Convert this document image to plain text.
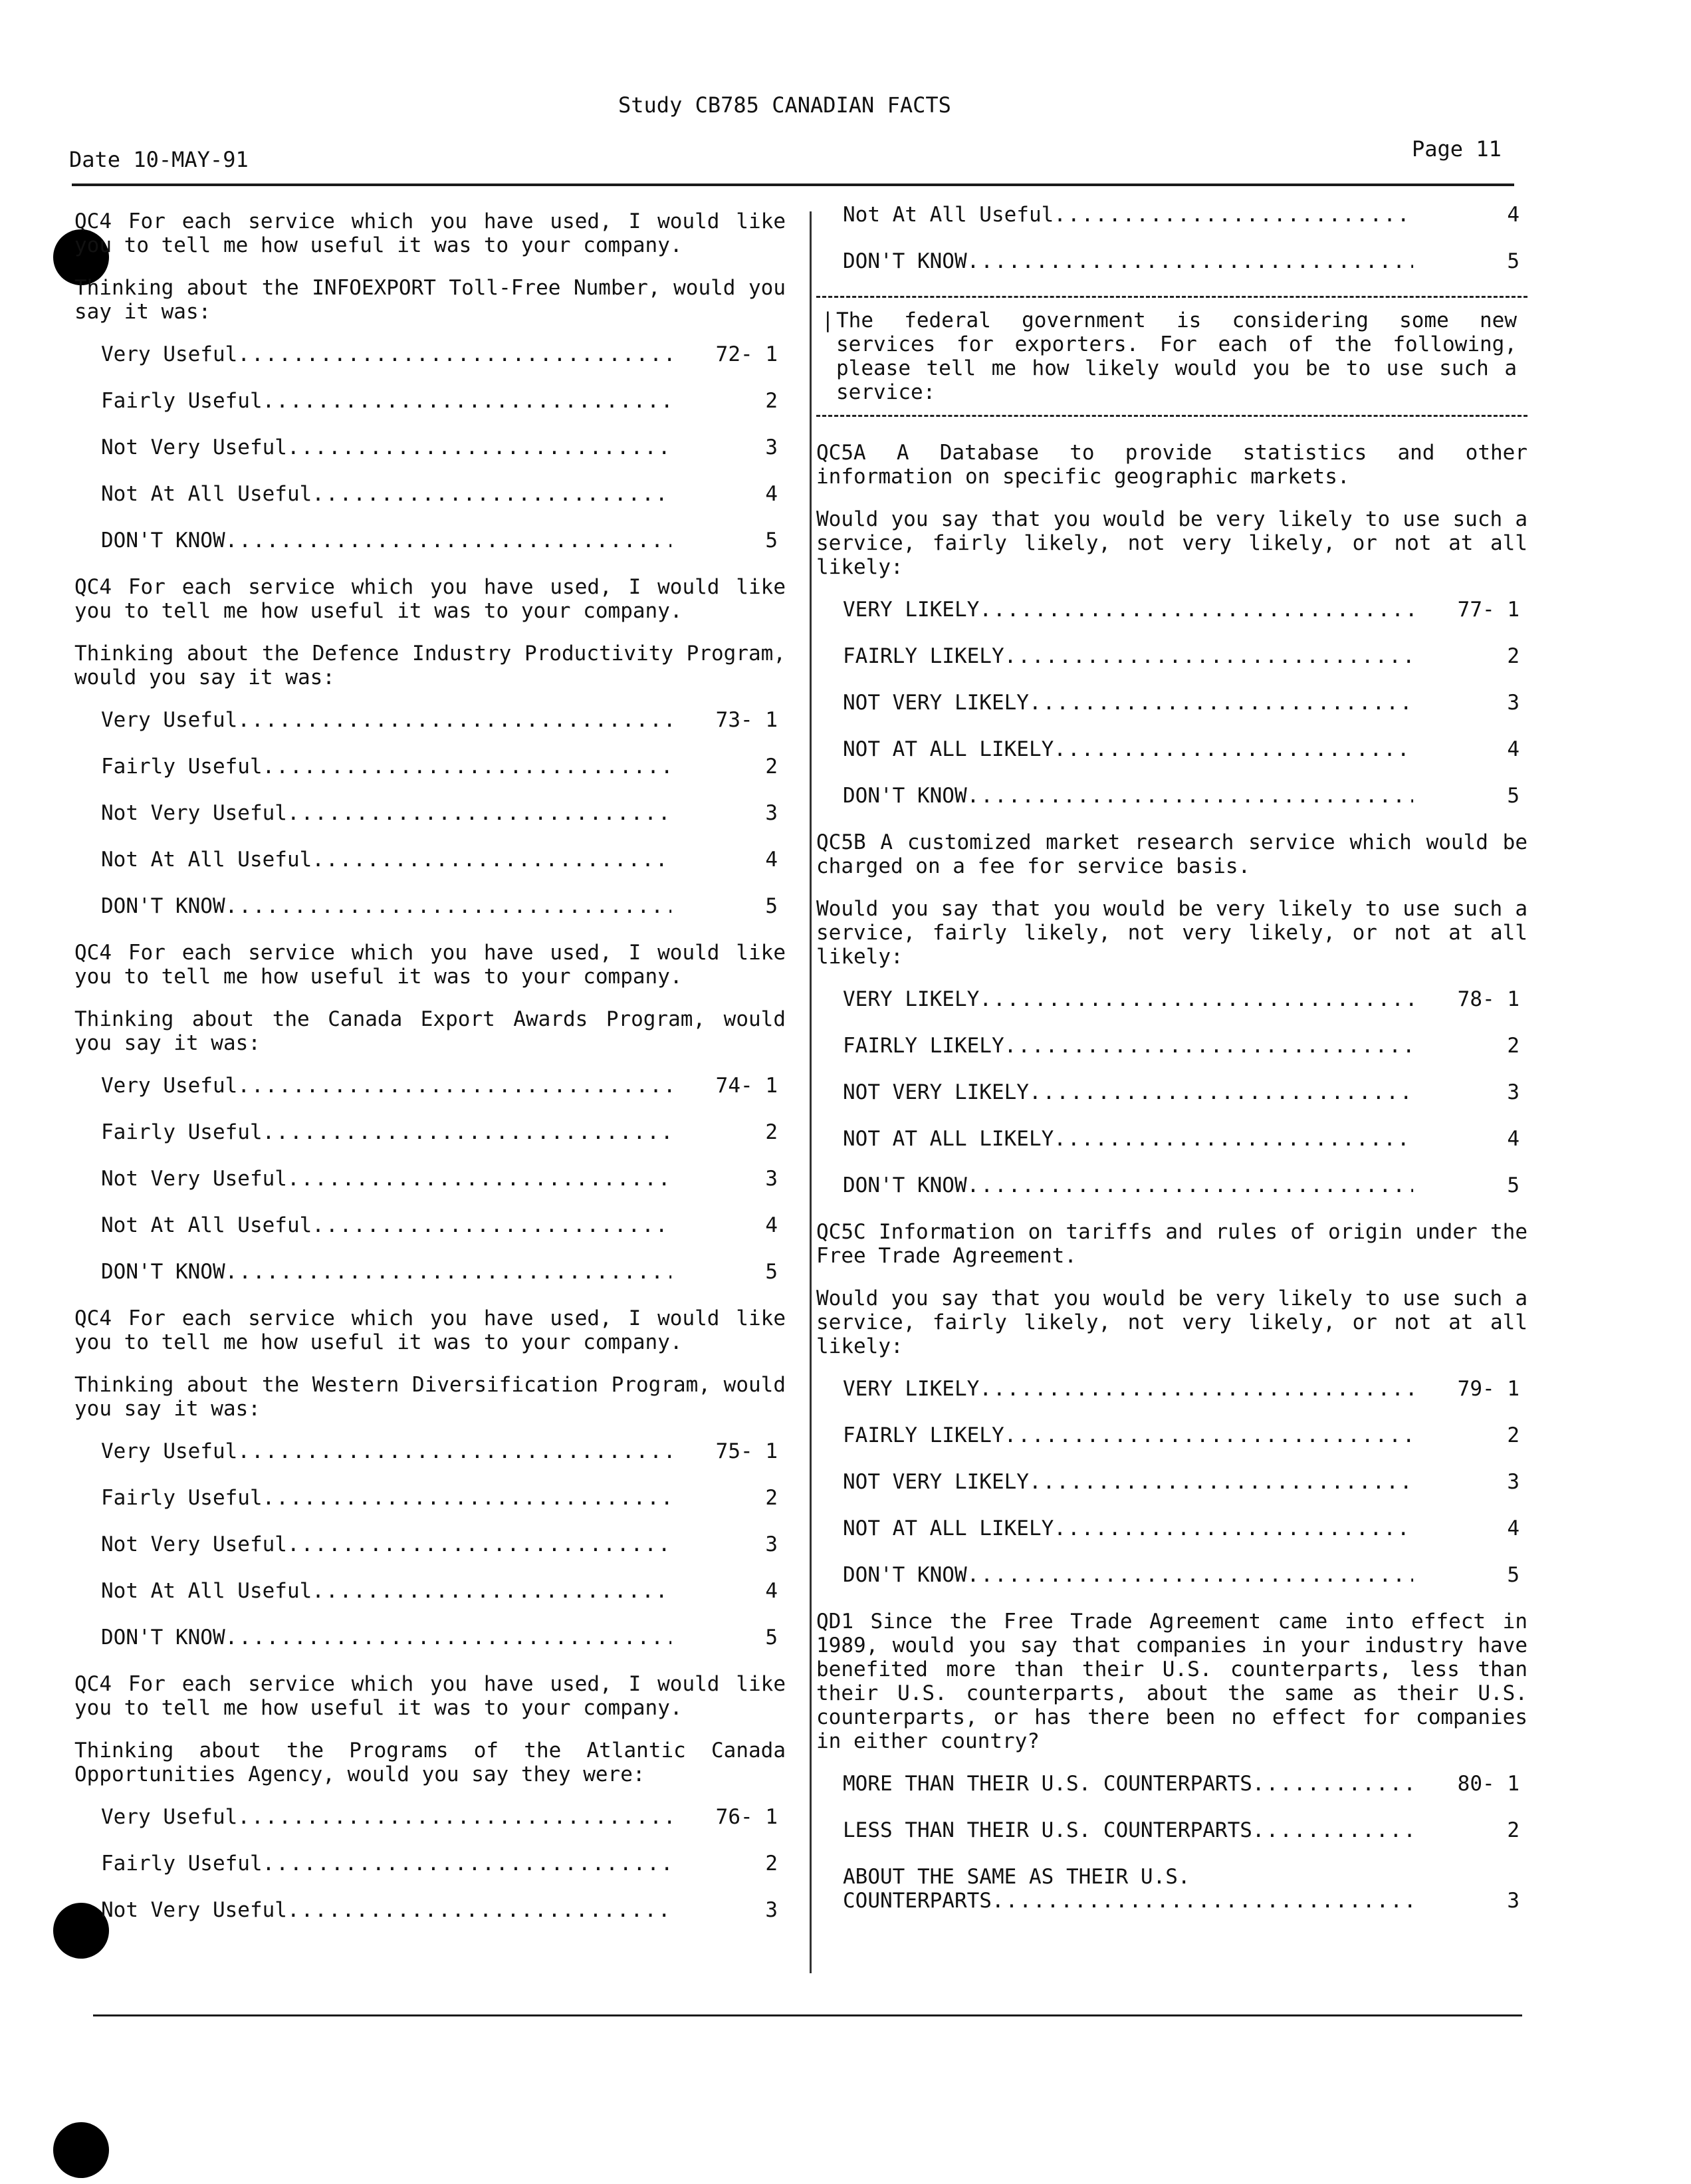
Study CB785 CANADIAN FACTS
Date 10-MAY-91	Page 11

QC4 For each service which you have used, I would like you to tell me how useful it was to your company.

Thinking about the INFOEXPORT Toll-Free Number, would you say it was:

Very Useful .....	72- 1
Fairly Useful .....	2
Not Very Useful .....	3
Not At All Useful .....	4
DON'T KNOW .....	5

QC4 For each service which you have used, I would like you to tell me how useful it was to your company.

Thinking about the Defence Industry Productivity Program, would you say it was:

Very Useful .....	73- 1
Fairly Useful .....	2
Not Very Useful .....	3
Not At All Useful .....	4
DON'T KNOW .....	5

QC4 For each service which you have used, I would like you to tell me how useful it was to your company.

Thinking about the Canada Export Awards Program, would you say it was:

Very Useful .....	74- 1
Fairly Useful .....	2
Not Very Useful .....	3
Not At All Useful .....	4
DON'T KNOW .....	5

QC4 For each service which you have used, I would like you to tell me how useful it was to your company.

Thinking about the Western Diversification Program, would you say it was:

Very Useful .....	75- 1
Fairly Useful .....	2
Not Very Useful .....	3
Not At All Useful .....	4
DON'T KNOW .....	5

QC4 For each service which you have used, I would like you to tell me how useful it was to your company.

Thinking about the Programs of the Atlantic Canada Opportunities Agency, would you say they were:

Very Useful .....	76- 1
Fairly Useful .....	2
Not Very Useful .....	3
Not At All Useful .....	4
DON'T KNOW .....	5
| The federal government is considering some new services for exporters. For each of the following, please tell me how likely would you be to use such a service:

QC5A A Database to provide statistics and other information on specific geographic markets.

Would you say that you would be very likely to use such a service, fairly likely, not very likely, or not at all likely:

VERY LIKELY .....	77- 1
FAIRLY LIKELY .....	2
NOT VERY LIKELY .....	3
NOT AT ALL LIKELY .....	4
DON'T KNOW .....	5

QC5B A customized market research service which would be charged on a fee for service basis.

Would you say that you would be very likely to use such a service, fairly likely, not very likely, or not at all likely:

VERY LIKELY .....	78- 1
FAIRLY LIKELY .....	2
NOT VERY LIKELY .....	3
NOT AT ALL LIKELY .....	4
DON'T KNOW .....	5

QC5C Information on tariffs and rules of origin under the Free Trade Agreement.

Would you say that you would be very likely to use such a service, fairly likely, not very likely, or not at all likely:

VERY LIKELY .....	79- 1
FAIRLY LIKELY .....	2
NOT VERY LIKELY .....	3
NOT AT ALL LIKELY .....	4
DON'T KNOW .....	5

QD1 Since the Free Trade Agreement came into effect in 1989, would you say that companies in your industry have benefited more than their U.S. counterparts, less than their U.S. counterparts, about the same as their U.S. counterparts, or has there been no effect for companies in either country?

MORE THAN THEIR U.S. COUNTERPARTS .....	80- 1
LESS THAN THEIR U.S. COUNTERPARTS .....	2
ABOUT THE SAME AS THEIR U.S.
COUNTERPARTS .....	3
